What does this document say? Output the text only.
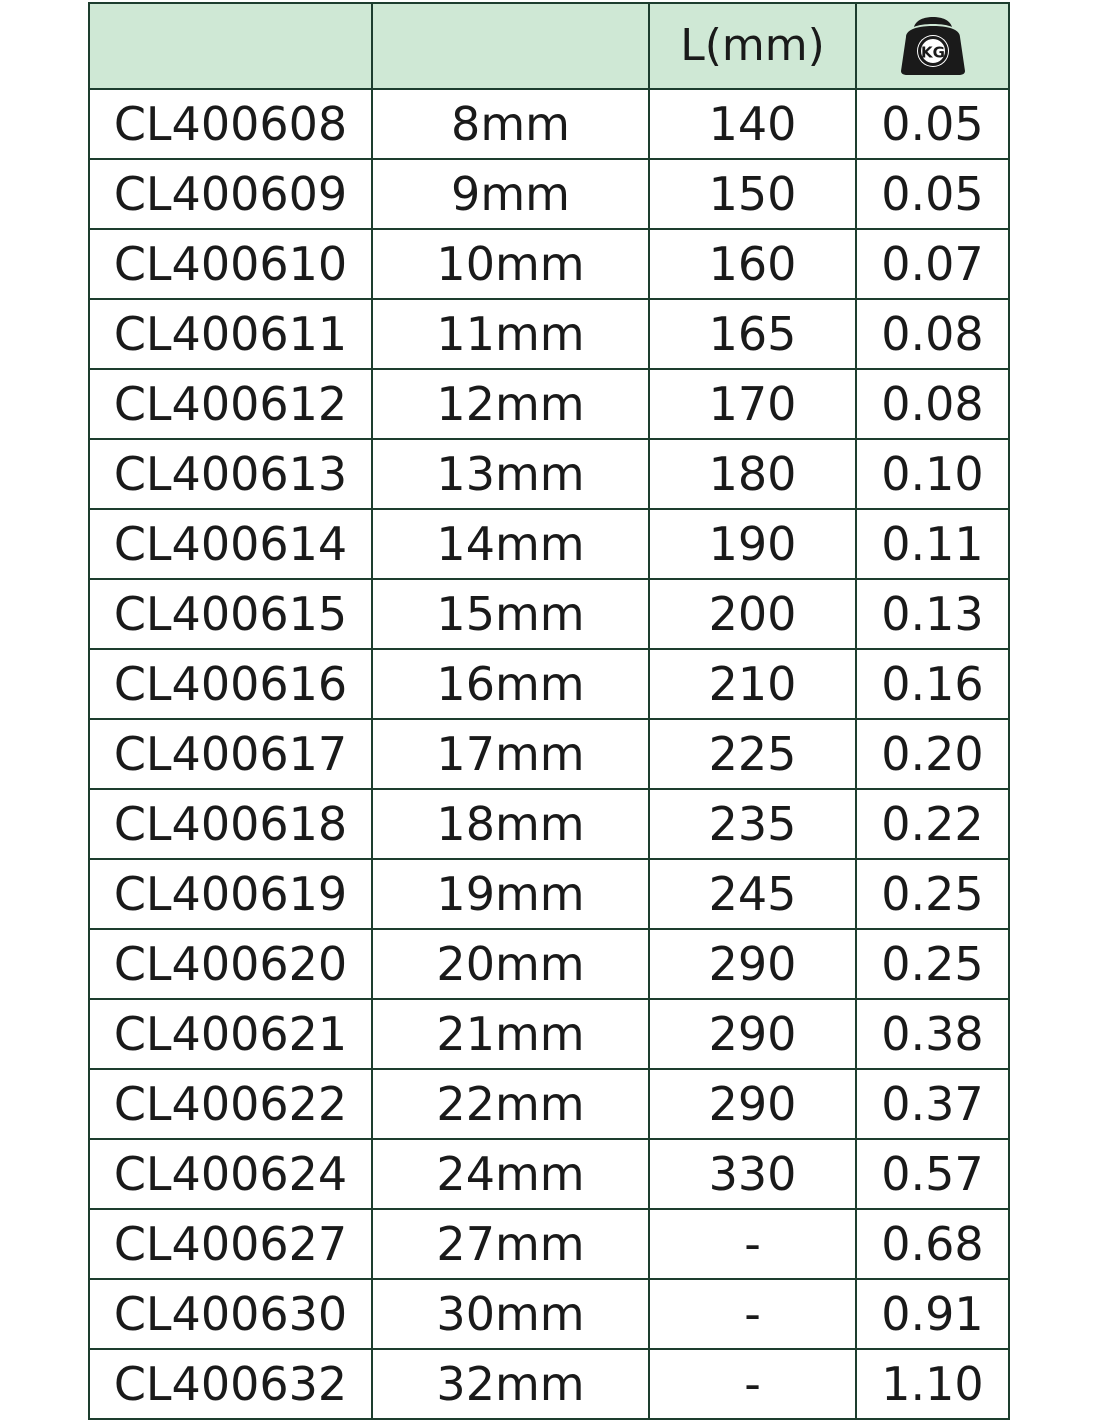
		L(mm)	KG

CL400608	8mm	140	0.05
CL400609	9mm	150	0.05
CL400610	10mm	160	0.07
CL400611	11mm	165	0.08
CL400612	12mm	170	0.08
CL400613	13mm	180	0.10
CL400614	14mm	190	0.11
CL400615	15mm	200	0.13
CL400616	16mm	210	0.16
CL400617	17mm	225	0.20
CL400618	18mm	235	0.22
CL400619	19mm	245	0.25
CL400620	20mm	290	0.25
CL400621	21mm	290	0.38
CL400622	22mm	290	0.37
CL400624	24mm	330	0.57
CL400627	27mm	-	0.68
CL400630	30mm	-	0.91
CL400632	32mm	-	1.10
